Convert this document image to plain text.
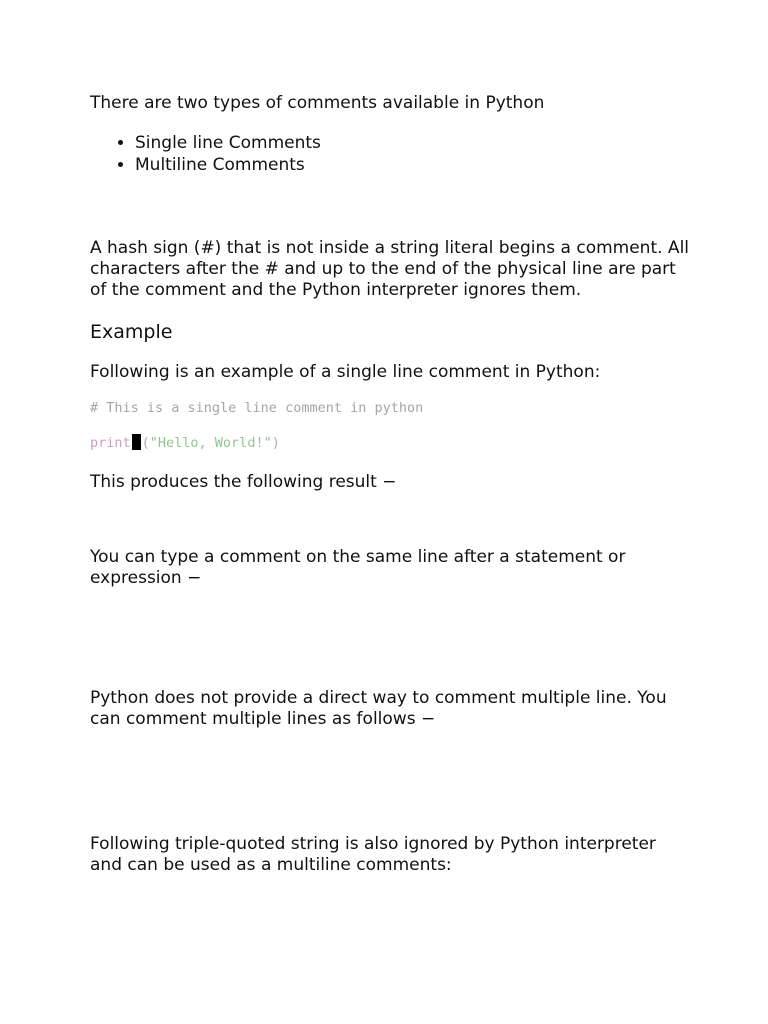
There are two types of comments available in Python

• Single line Comments
• Multiline Comments

A hash sign (#) that is not inside a string literal begins a comment. All characters after the # and up to the end of the physical line are part of the comment and the Python interpreter ignores them.

Example

Following is an example of a single line comment in Python:

# This is a single line comment in python
print ("Hello, World!")

This produces the following result −

You can type a comment on the same line after a statement or expression −

Python does not provide a direct way to comment multiple line. You can comment multiple lines as follows −

Following triple-quoted string is also ignored by Python interpreter and can be used as a multiline comments:
